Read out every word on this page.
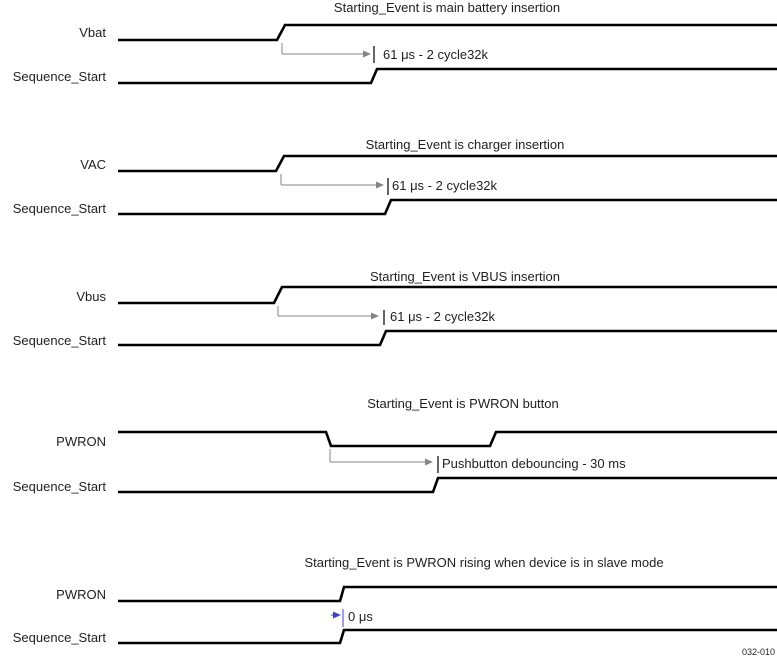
Starting_Event is main battery insertion
Vbat
Sequence_Start
61 μs - 2 cycle32k
Starting_Event is charger insertion
VAC
Sequence_Start
61 μs - 2 cycle32k
Starting_Event is VBUS insertion
Vbus
Sequence_Start
61 μs - 2 cycle32k
Starting_Event is PWRON button
PWRON
Sequence_Start
Pushbutton debouncing - 30 ms
Starting_Event is PWRON rising when device is in slave mode
PWRON
Sequence_Start
0 μs
032-010
